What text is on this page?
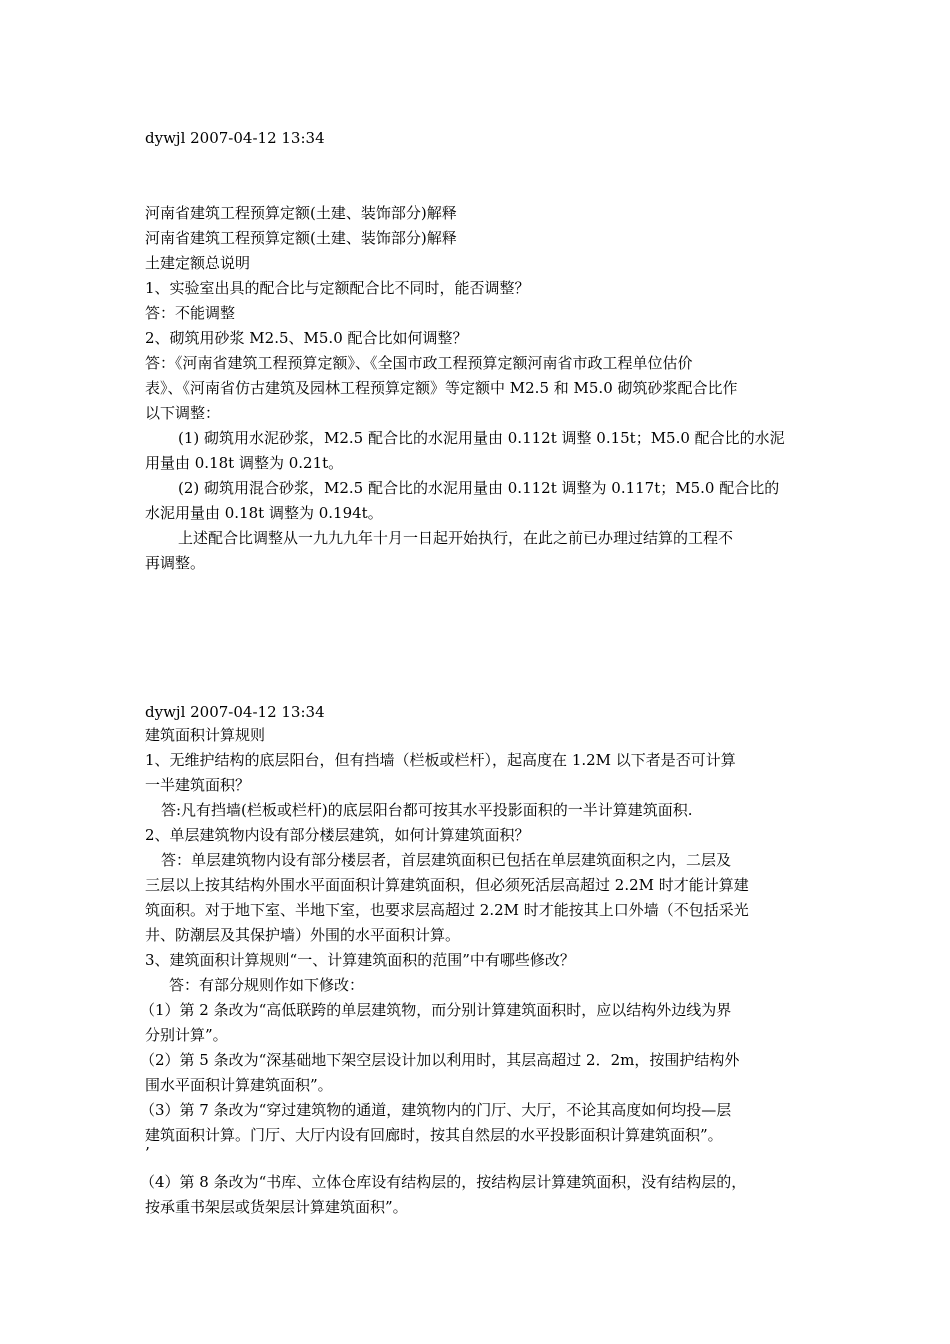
dywjl 2007-04-12 13:34
河南省建筑工程预算定额(土建、装饰部分)解释
河南省建筑工程预算定额(土建、装饰部分)解释
土建定额总说明
1、实验室出具的配合比与定额配合比不同时，能否调整？
答：不能调整
2、砌筑用砂浆 M2.5、M5.0 配合比如何调整？
答：《河南省建筑工程预算定额》、《全国市政工程预算定额河南省市政工程单位估价
表》、《河南省仿古建筑及园林工程预算定额》等定额中 M2.5 和 M5.0 砌筑砂浆配合比作
以下调整：
(1) 砌筑用水泥砂浆，M2.5 配合比的水泥用量由 0.112t 调整 0.15t；M5.0 配合比的水泥
用量由 0.18t 调整为 0.21t。
(2) 砌筑用混合砂浆，M2.5 配合比的水泥用量由 0.112t 调整为 0.117t；M5.0 配合比的
水泥用量由 0.18t 调整为 0.194t。
上述配合比调整从一九九九年十月一日起开始执行，在此之前已办理过结算的工程不
再调整。
dywjl 2007-04-12 13:34
建筑面积计算规则
1、无维护结构的底层阳台，但有挡墙（栏板或栏杆），起高度在 1.2M 以下者是否可计算
一半建筑面积？
答:凡有挡墙(栏板或栏杆)的底层阳台都可按其水平投影面积的一半计算建筑面积.
2、单层建筑物内设有部分楼层建筑，如何计算建筑面积？
答：单层建筑物内设有部分楼层者，首层建筑面积已包括在单层建筑面积之内，二层及
三层以上按其结构外围水平面面积计算建筑面积，但必须死活层高超过 2.2M 时才能计算建
筑面积。对于地下室、半地下室，也要求层高超过 2.2M 时才能按其上口外墙（不包括采光
井、防潮层及其保护墙）外围的水平面积计算。
3、建筑面积计算规则“一、计算建筑面积的范围”中有哪些修改？
答：有部分规则作如下修改：
（1）第 2 条改为“高低联跨的单层建筑物，而分别计算建筑面积时，应以结构外边线为界
分别计算”。
（2）第 5 条改为“深基础地下架空层设计加以利用时，其层高超过 2．2m，按围护结构外
围水平面积计算建筑面积”。
（3）第 7 条改为“穿过建筑物的通道，建筑物内的门厅、大厅，不论其高度如何均投—层
建筑面积计算。门厅、大厅内设有回廊时，按其自然层的水平投影面积计算建筑面积”。
’
（4）第 8 条改为“书库、立体仓库设有结构层的，按结构层计算建筑面积，没有结构层的，
按承重书架层或货架层计算建筑面积”。
